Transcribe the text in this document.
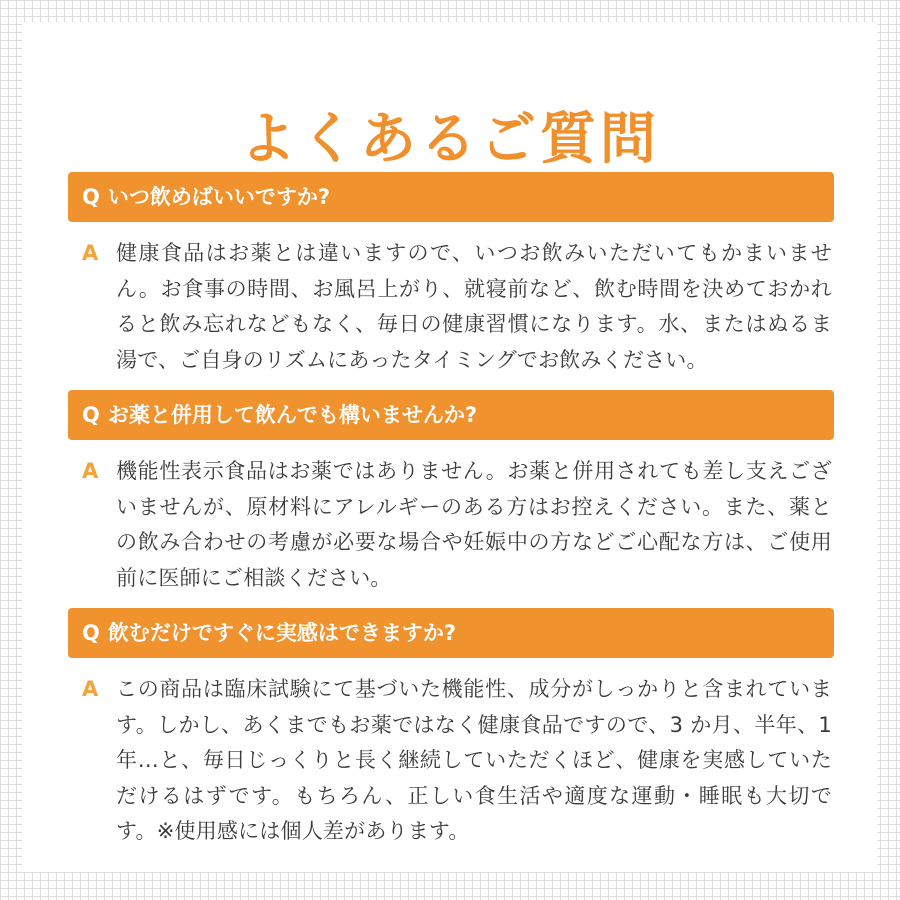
よくあるご質問
Q いつ飲めばいいですか?
A 健康食品はお薬とは違いますので、いつお飲みいただいてもかまいません。お食事の時間、お風呂上がり、就寝前など、飲む時間を決めておかれると飲み忘れなどもなく、毎日の健康習慣になります。水、またはぬるま湯で、ご自身のリズムにあったタイミングでお飲みください。

Q お薬と併用して飲んでも構いませんか?
A 機能性表示食品はお薬ではありません。お薬と併用されても差し支えございませんが、原材料にアレルギーのある方はお控えください。また、薬との飲み合わせの考慮が必要な場合や妊娠中の方などご心配な方は、ご使用前に医師にご相談ください。

Q 飲むだけですぐに実感はできますか?
A この商品は臨床試験にて基づいた機能性、成分がしっかりと含まれています。しかし、あくまでもお薬ではなく健康食品ですので、3 か月、半年、1年…と、毎日じっくりと長く継続していただくほど、健康を実感していただけるはずです。もちろん、正しい食生活や適度な運動・睡眠も大切です。※使用感には個人差があります。
